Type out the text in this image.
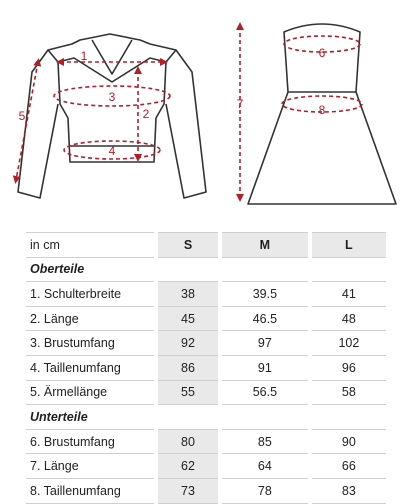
1
2
3
4
5
6
7	8
in cm	S	M	L
Oberteile			
1. Schulterbreite	38	39.5	41
2. Länge	45	46.5	48
3. Brustumfang	92	97	102
4. Taillenumfang	86	91	96
5. Ärmellänge	55	56.5	58
Unterteile			
6. Brustumfang	80	85	90
7. Länge	62	64	66
8. Taillenumfang	73	78	83
